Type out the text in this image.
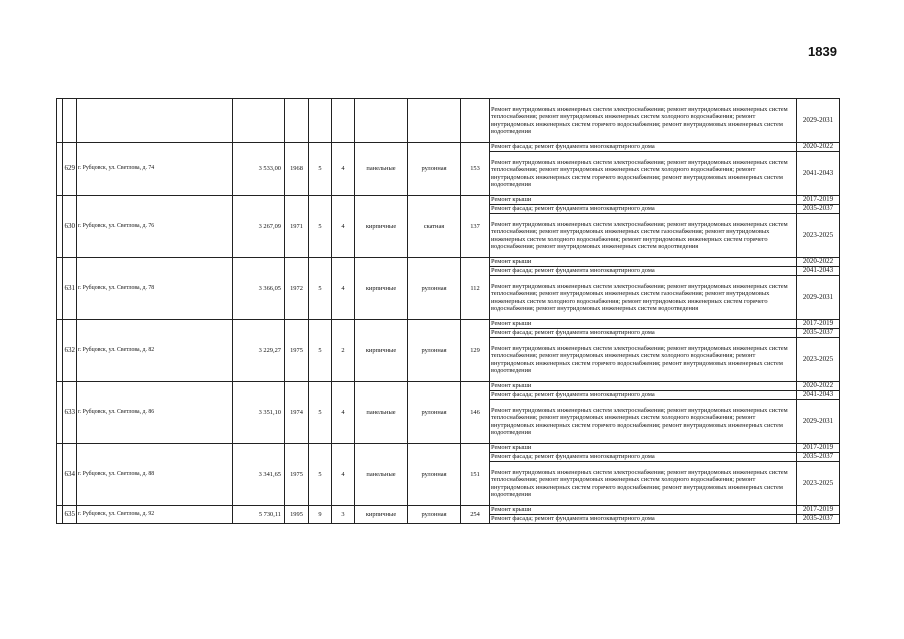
1839
										Ремонт внутридомовых инженерных систем электроснабжения; ремонт внутридомовых инженерных систем теплоснабжения; ремонт внутридомовых инженерных систем холодного водоснабжения; ремонт внутридомовых инженерных систем горячего водоснабжения; ремонт внутридомовых инженерных систем водоотведения	2029-2031
	629	г. Рубцовск, ул. Светлова, д. 74	3 533,00	1968	5	4	панельные	рулонная	153	Ремонт фасада; ремонт фундамента многоквартирного дома	2020-2022
										Ремонт внутридомовых инженерных систем электроснабжения; ремонт внутридомовых инженерных систем теплоснабжения; ремонт внутридомовых инженерных систем холодного водоснабжения; ремонт внутридомовых инженерных систем горячего водоснабжения; ремонт внутридомовых инженерных систем водоотведения	2041-2043
	630	г. Рубцовск, ул. Светлова, д. 76	3 267,09	1971	5	4	кирпичные	скатная	137	Ремонт крыши	2017-2019
										Ремонт фасада; ремонт фундамента многоквартирного дома	2035-2037
										Ремонт внутридомовых инженерных систем электроснабжения; ремонт внутридомовых инженерных систем теплоснабжения; ремонт внутридомовых инженерных систем газоснабжения; ремонт внутридомовых инженерных систем холодного водоснабжения; ремонт внутридомовых инженерных систем горячего водоснабжения; ремонт внутридомовых инженерных систем водоотведения	2023-2025
	631	г. Рубцовск, ул. Светлова, д. 78	3 366,05	1972	5	4	кирпичные	рулонная	112	Ремонт крыши	2020-2022
										Ремонт фасада; ремонт фундамента многоквартирного дома	2041-2043
										Ремонт внутридомовых инженерных систем электроснабжения; ремонт внутридомовых инженерных систем теплоснабжения; ремонт внутридомовых инженерных систем газоснабжения; ремонт внутридомовых инженерных систем холодного водоснабжения; ремонт внутридомовых инженерных систем горячего водоснабжения; ремонт внутридомовых инженерных систем водоотведения	2029-2031
	632	г. Рубцовск, ул. Светлова, д. 82	3 229,27	1975	5	2	кирпичные	рулонная	129	Ремонт крыши	2017-2019
										Ремонт фасада; ремонт фундамента многоквартирного дома	2035-2037
										Ремонт внутридомовых инженерных систем электроснабжения; ремонт внутридомовых инженерных систем теплоснабжения; ремонт внутридомовых инженерных систем холодного водоснабжения; ремонт внутридомовых инженерных систем горячего водоснабжения; ремонт внутридомовых инженерных систем водоотведения	2023-2025
	633	г. Рубцовск, ул. Светлова, д. 86	3 351,10	1974	5	4	панельные	рулонная	146	Ремонт крыши	2020-2022
										Ремонт фасада; ремонт фундамента многоквартирного дома	2041-2043
										Ремонт внутридомовых инженерных систем электроснабжения; ремонт внутридомовых инженерных систем теплоснабжения; ремонт внутридомовых инженерных систем холодного водоснабжения; ремонт внутридомовых инженерных систем горячего водоснабжения; ремонт внутридомовых инженерных систем водоотведения	2029-2031
	634	г. Рубцовск, ул. Светлова, д. 88	3 341,65	1975	5	4	панельные	рулонная	151	Ремонт крыши	2017-2019
										Ремонт фасада; ремонт фундамента многоквартирного дома	2035-2037
										Ремонт внутридомовых инженерных систем электроснабжения; ремонт внутридомовых инженерных систем теплоснабжения; ремонт внутридомовых инженерных систем холодного водоснабжения; ремонт внутридомовых инженерных систем горячего водоснабжения; ремонт внутридомовых инженерных систем водоотведения	2023-2025
	635	г. Рубцовск, ул. Светлова, д. 92	5 730,11	1995	9	3	кирпичные	рулонная	254	Ремонт крыши	2017-2019
										Ремонт фасада; ремонт фундамента многоквартирного дома	2035-2037
